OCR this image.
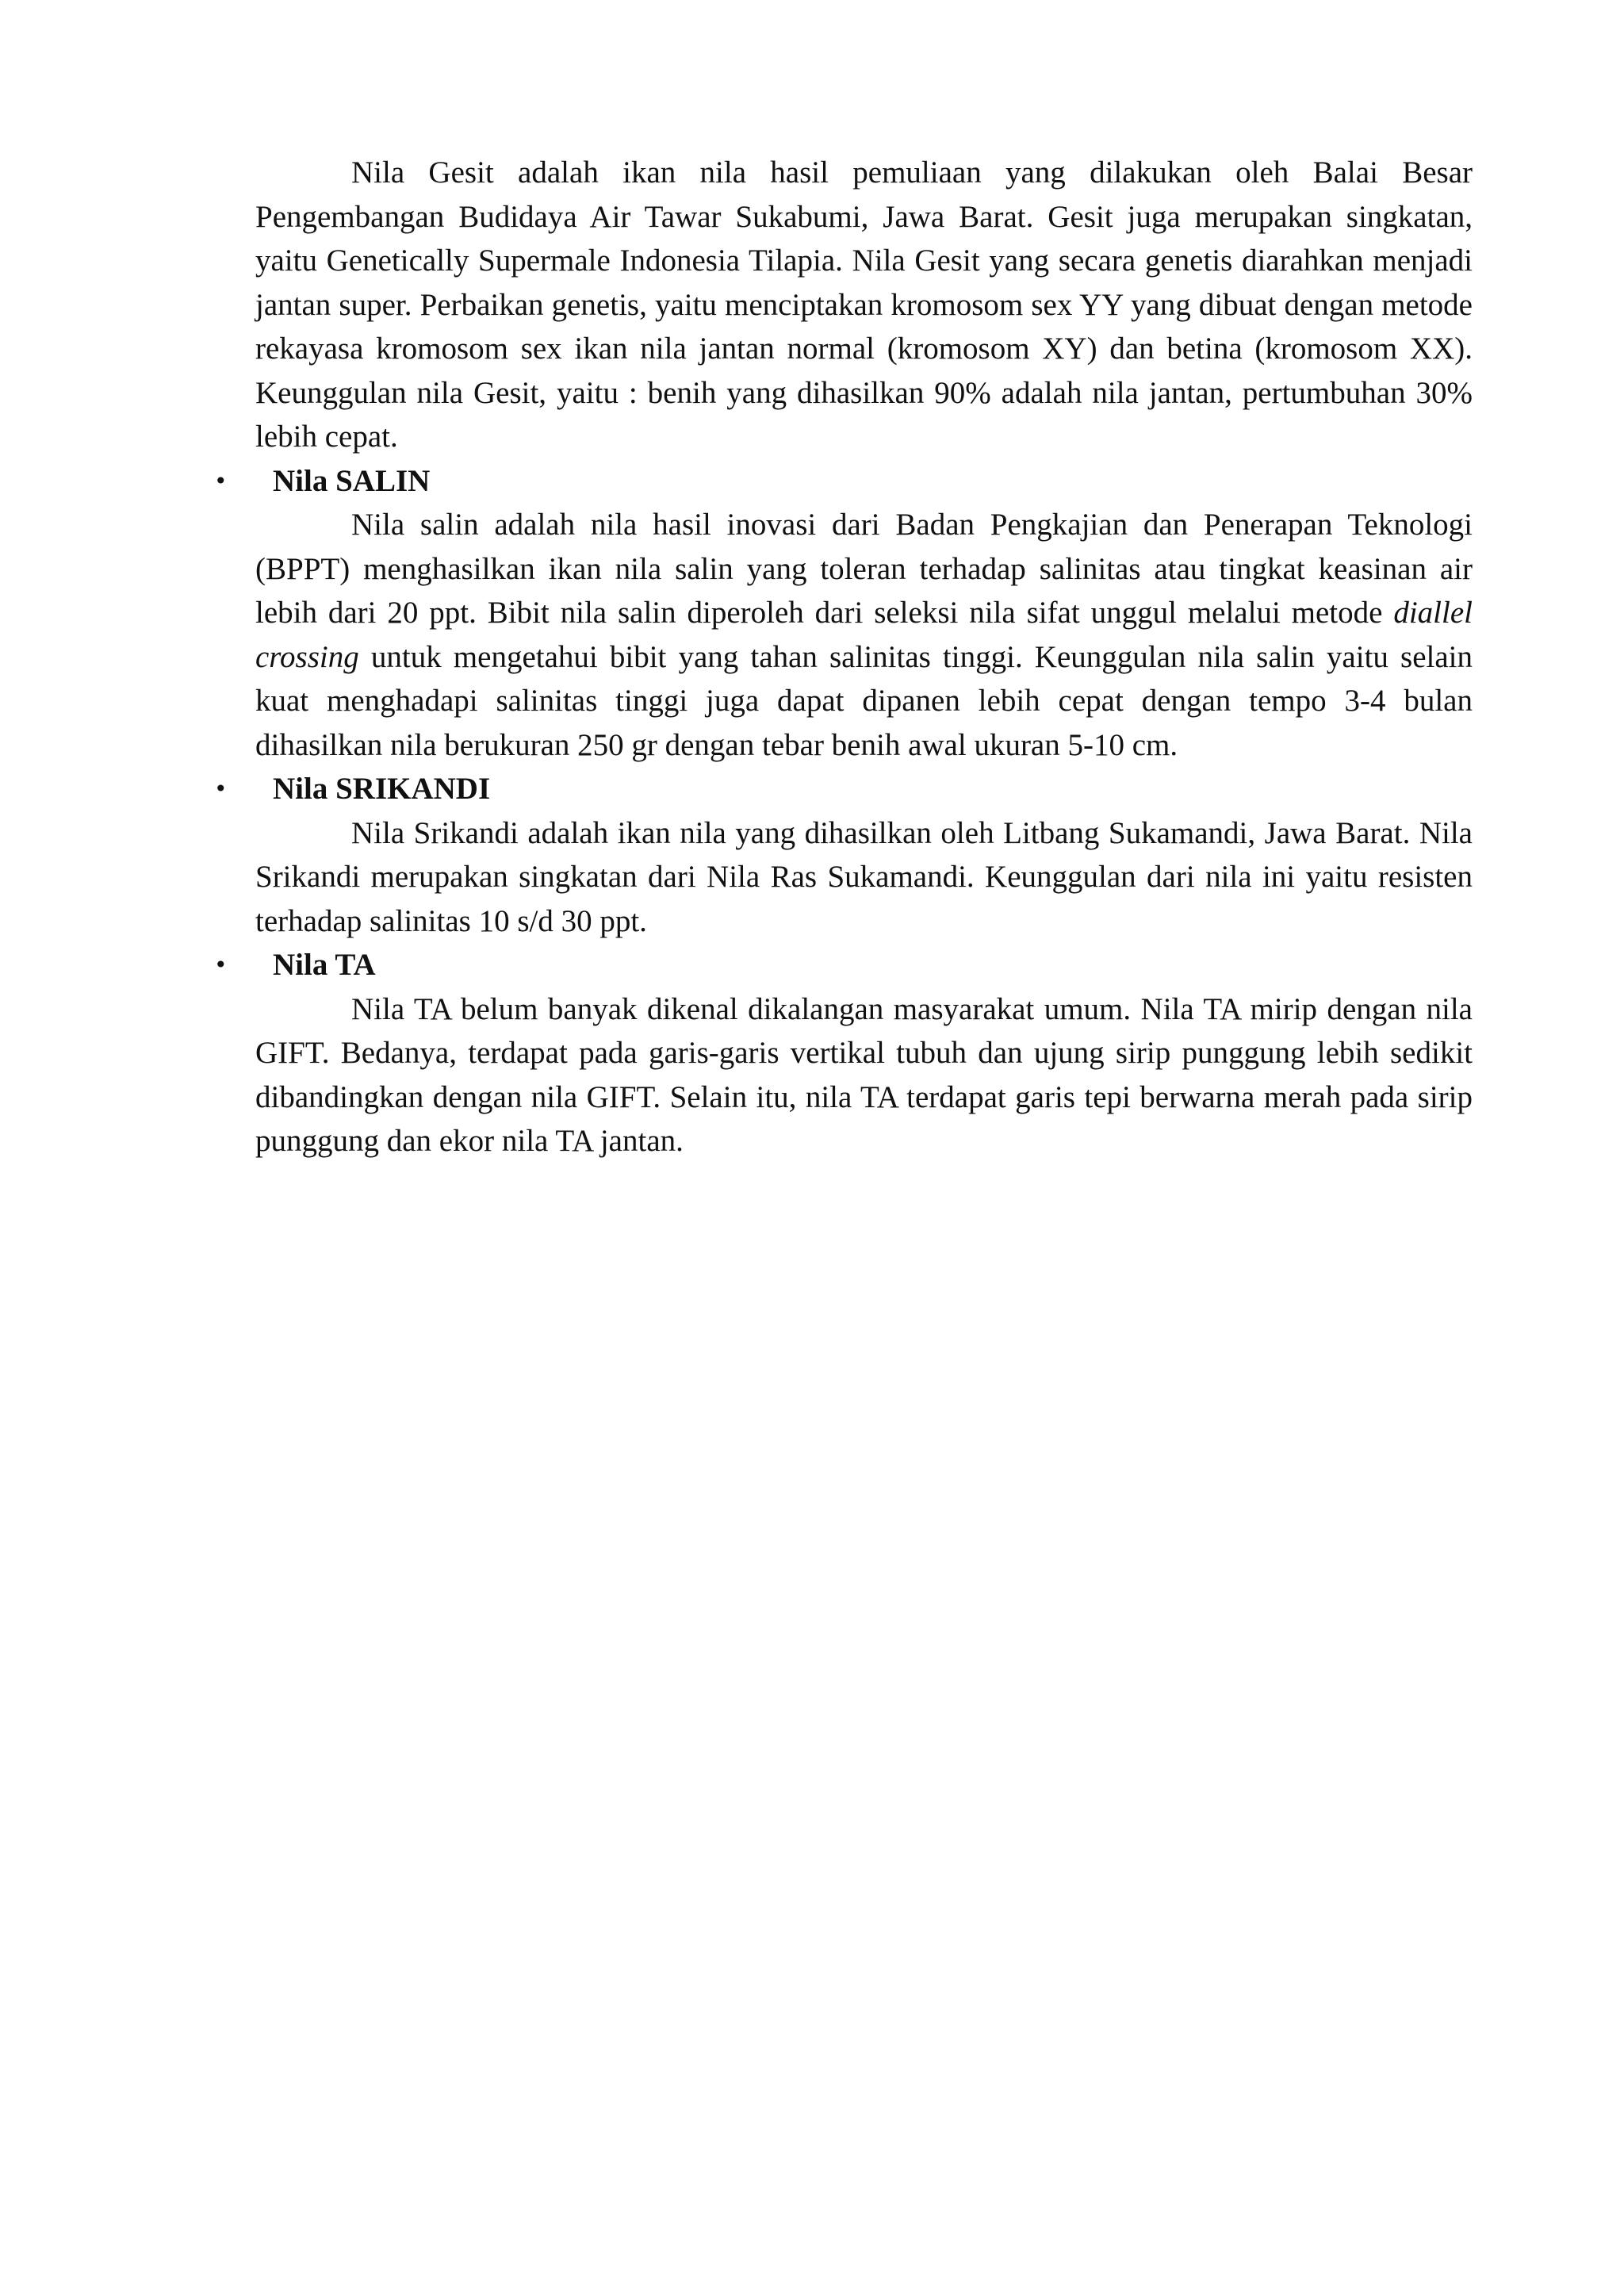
Nila Gesit adalah ikan nila hasil pemuliaan yang dilakukan oleh Balai Besar Pengembangan Budidaya Air Tawar Sukabumi, Jawa Barat. Gesit juga merupakan singkatan, yaitu Genetically Supermale Indonesia Tilapia. Nila Gesit yang secara genetis diarahkan menjadi jantan super. Perbaikan genetis, yaitu menciptakan kromosom sex YY yang dibuat dengan metode rekayasa kromosom sex ikan nila jantan normal (kromosom XY) dan betina (kromosom XX). Keunggulan nila Gesit, yaitu : benih yang dihasilkan 90% adalah nila jantan, pertumbuhan 30% lebih cepat.

• Nila SALIN

Nila salin adalah nila hasil inovasi dari Badan Pengkajian dan Penerapan Teknologi (BPPT) menghasilkan ikan nila salin yang toleran terhadap salinitas atau tingkat keasinan air lebih dari 20 ppt. Bibit nila salin diperoleh dari seleksi nila sifat unggul melalui metode diallel crossing untuk mengetahui bibit yang tahan salinitas tinggi. Keunggulan nila salin yaitu selain kuat menghadapi salinitas tinggi juga dapat dipanen lebih cepat dengan tempo 3-4 bulan dihasilkan nila berukuran 250 gr dengan tebar benih awal ukuran 5-10 cm.

• Nila SRIKANDI

Nila Srikandi adalah ikan nila yang dihasilkan oleh Litbang Sukamandi, Jawa Barat. Nila Srikandi merupakan singkatan dari Nila Ras Sukamandi. Keunggulan dari nila ini yaitu resisten terhadap salinitas 10 s/d 30 ppt.

• Nila TA

Nila TA belum banyak dikenal dikalangan masyarakat umum. Nila TA mirip dengan nila GIFT. Bedanya, terdapat pada garis-garis vertikal tubuh dan ujung sirip punggung lebih sedikit dibandingkan dengan nila GIFT. Selain itu, nila TA terdapat garis tepi berwarna merah pada sirip punggung dan ekor nila TA jantan.
